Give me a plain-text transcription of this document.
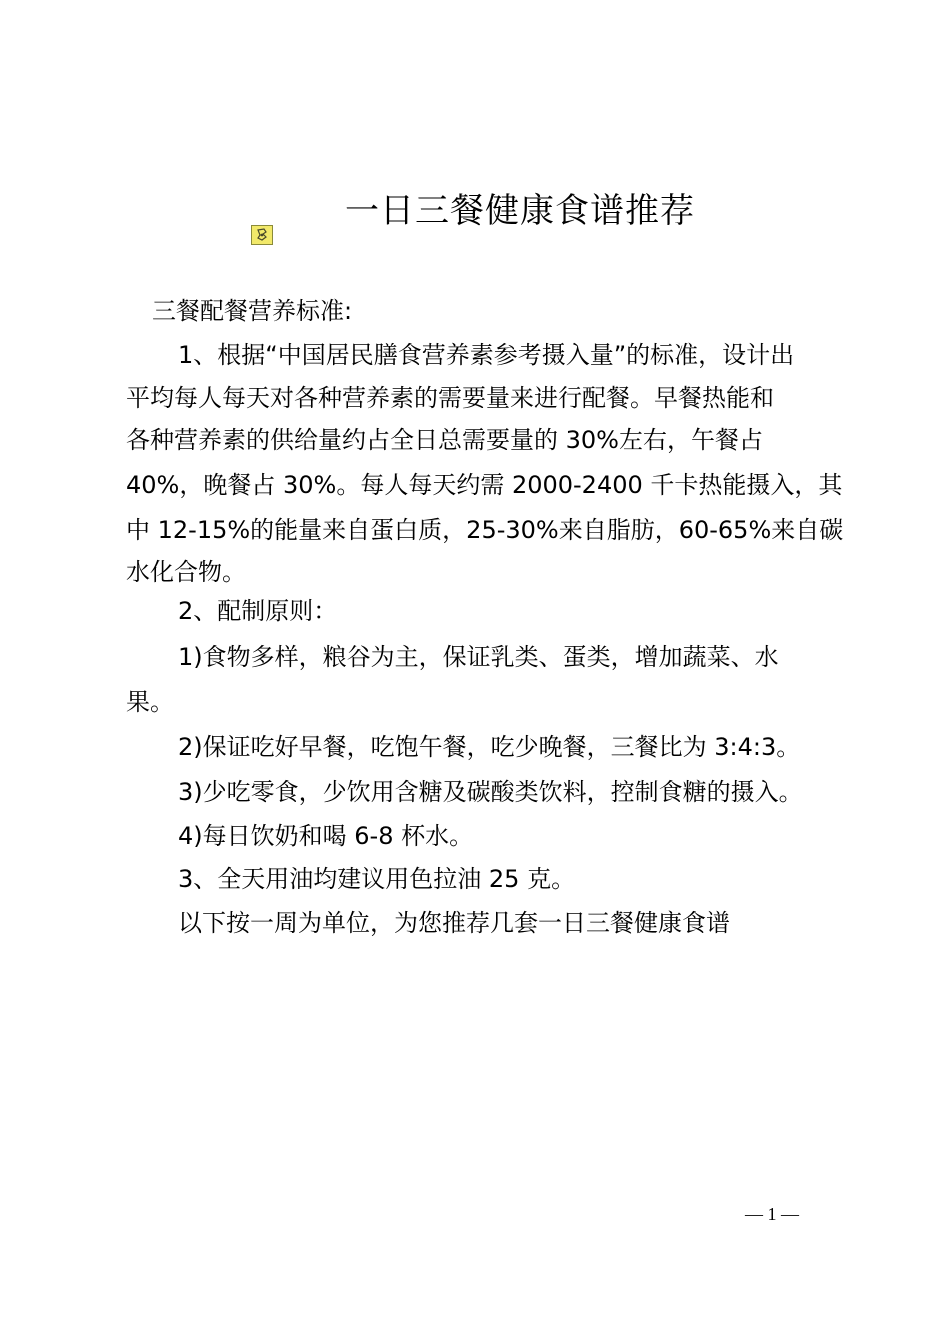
一日三餐健康食谱推荐
三餐配餐营养标准:
1、根据“中国居民膳食营养素参考摄入量”的标准，设计出
平均每人每天对各种营养素的需要量来进行配餐。早餐热能和
各种营养素的供给量约占全日总需要量的 30%左右，午餐占
40%，晚餐占 30%。每人每天约需 2000-2400 千卡热能摄入，其
中 12-15%的能量来自蛋白质，25-30%来自脂肪，60-65%来自碳
水化合物。
2、配制原则：
1)食物多样，粮谷为主，保证乳类、蛋类，增加蔬菜、水
果。
2)保证吃好早餐，吃饱午餐，吃少晚餐，三餐比为 3:4:3。
3)少吃零食，少饮用含糖及碳酸类饮料，控制食糖的摄入。
4)每日饮奶和喝 6-8 杯水。
3、全天用油均建议用色拉油 25 克。
以下按一周为单位，为您推荐几套一日三餐健康食谱
— 1 —
